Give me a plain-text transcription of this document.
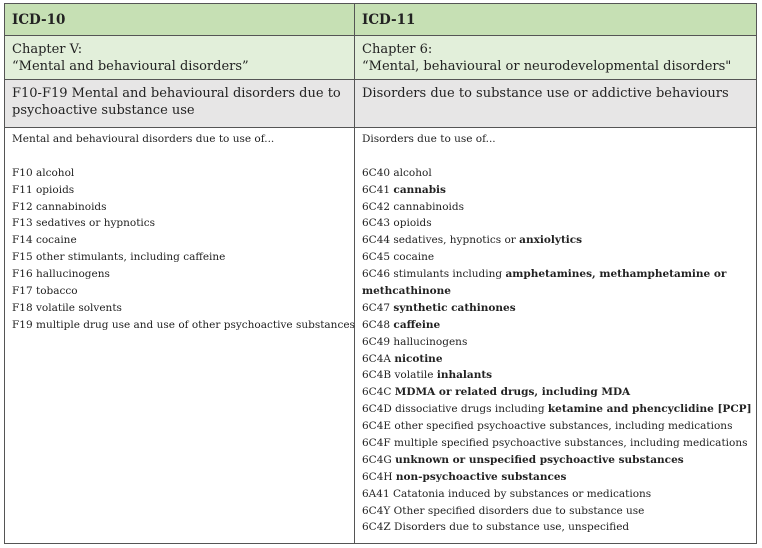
ICD-10	ICD-11
Chapter V:
“Mental and behavioural disorders”
Chapter 6:
“Mental, behavioural or neurodevelopmental disorders"
F10-F19 Mental and behavioural disorders due to
psychoactive substance use
Disorders due to substance use or addictive behaviours
Mental and behavioural disorders due to use of...
F10 alcohol
F11 opioids
F12 cannabinoids
F13 sedatives or hypnotics
F14 cocaine
F15 other stimulants, including caffeine
F16 hallucinogens
F17 tobacco
F18 volatile solvents
F19 multiple drug use and use of other psychoactive substances
Disorders due to use of...
6C40 alcohol
6C41 cannabis
6C42 cannabinoids
6C43 opioids
6C44 sedatives, hypnotics or anxiolytics
6C45 cocaine
6C46 stimulants including amphetamines, methamphetamine or
methcathinone
6C47 synthetic cathinones
6C48 caffeine
6C49 hallucinogens
6C4A nicotine
6C4B volatile inhalants
6C4C MDMA or related drugs, including MDA
6C4D dissociative drugs including ketamine and phencyclidine [PCP]
6C4E other specified psychoactive substances, including medications
6C4F multiple specified psychoactive substances, including medications
6C4G unknown or unspecified psychoactive substances
6C4H non-psychoactive substances
6A41 Catatonia induced by substances or medications
6C4Y Other specified disorders due to substance use
6C4Z Disorders due to substance use, unspecified
